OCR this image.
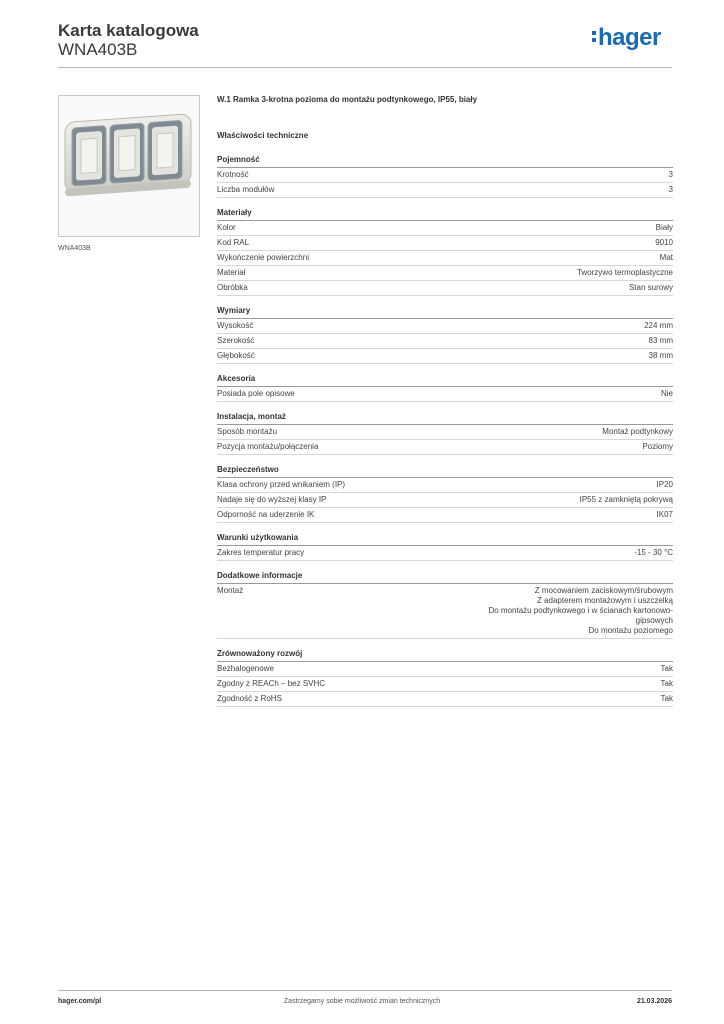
Karta katalogowa
WNA403B	hager
WNA403B
W.1 Ramka 3-krotna pozioma do montażu podtynkowego, IP55, biały
Właściwości techniczne
Pojemność
Krotność	3
Liczba modułów	3
Materiały
Kolor	Biały
Kod RAL	9010
Wykończenie powierzchni	Mat
Materiał	Tworzywo termoplastyczne
Obróbka	Stan surowy
Wymiary
Wysokość	224 mm
Szerokość	83 mm
Głębokość	38 mm
Akcesoria
Posiada pole opisowe	Nie
Instalacja, montaż
Sposób montażu	Montaż podtynkowy
Pozycja montażu/połączenia	Poziomy
Bezpieczeństwo
Klasa ochrony przed wnikaniem (IP)	IP20
Nadaje się do wyższej klasy IP	IP55 z zamkniętą pokrywą
Odporność na uderzenie IK	IK07
Warunki użytkowania
Zakres temperatur pracy	-15 - 30 °C
Dodatkowe informacje
Montaż	Z mocowaniem zaciskowym/śrubowym
Z adapterem montażowym i uszczelką
Do montażu podtynkowego i w ścianach kartonowo-
gipsowych
Do montażu poziomego
Zrównoważony rozwój
Bezhalogenowe	Tak
Zgodny z REACh – bez SVHC	Tak
Zgodność z RoHS	Tak
hager.com/pl	Zastrzegamy sobie możliwość zmian technicznych	21.03.2026
